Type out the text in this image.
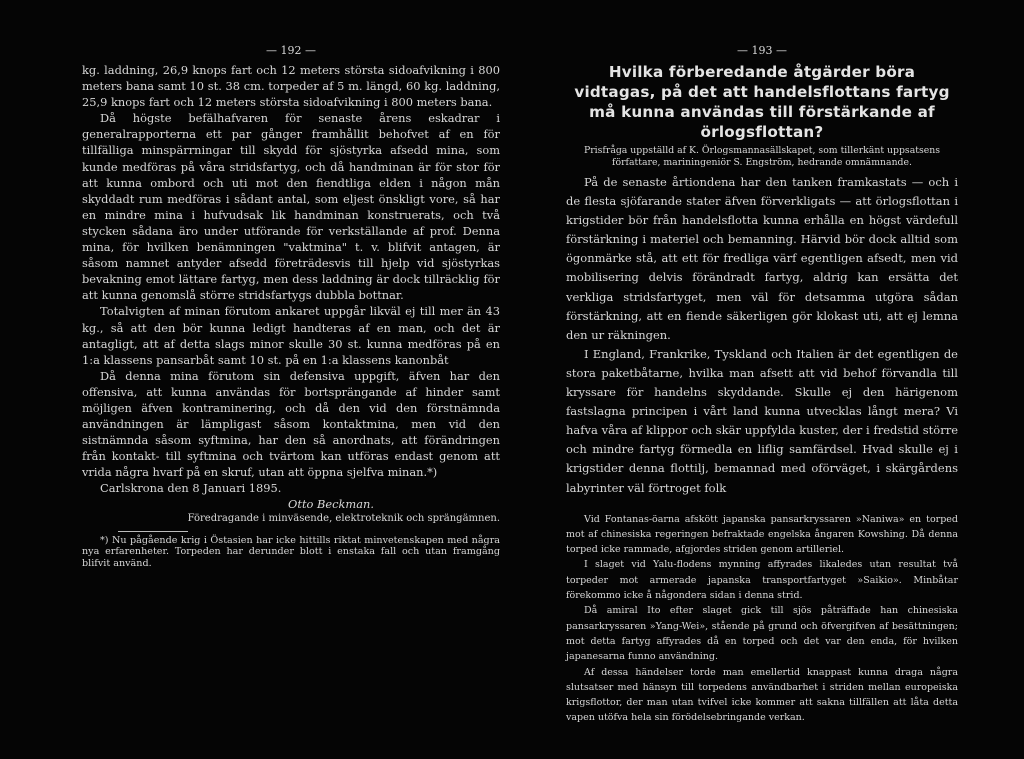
— 192 —

kg. laddning, 26,9 knops fart och 12 meters största sidoafvikning i 800 meters bana samt 10 st. 38 cm. torpeder af 5 m. längd, 60 kg. laddning, 25,9 knops fart och 12 meters största sidoafvikning i 800 meters bana.

Då högste befälhafvaren för senaste årens eskadrar i generalrapporterna ett par gånger framhållit behofvet af en för tillfälliga minspärrningar till skydd för sjöstyrka afsedd mina, som kunde medföras på våra stridsfartyg, och då handminan är för stor för att kunna ombord och uti mot den fiendtliga elden i någon mån skyddadt rum medföras i sådant antal, som eljest önskligt vore, så har en mindre mina i hufvudsak lik handminan konstruerats, och två stycken sådana äro under utförande för verkställande af prof. Denna mina, för hvilken benämningen "vaktmina" t. v. blifvit antagen, är såsom namnet antyder afsedd företrädesvis till hjelp vid sjöstyrkas bevakning emot lättare fartyg, men dess laddning är dock tillräcklig för att kunna genomslå större stridsfartygs dubbla bottnar.

Totalvigten af minan förutom ankaret uppgår likväl ej till mer än 43 kg., så att den bör kunna ledigt handteras af en man, och det är antagligt, att af detta slags minor skulle 30 st. kunna medföras på en 1:a klassens pansarbåt samt 10 st. på en 1:a klassens kanonbåt

Då denna mina förutom sin defensiva uppgift, äfven har den offensiva, att kunna användas för bortsprängande af hinder samt möjligen äfven kontraminering, och då den vid den förstnämnda användningen är lämpligast såsom kontaktmina, men vid den sistnämnda såsom syftmina, har den så anordnats, att förändringen från kontakt- till syftmina och tvärtom kan utföras endast genom att vrida några hvarf på en skruf, utan att öppna sjelfva minan.*)

Carlskrona den 8 Januari 1895.

Otto Beckman.
Föredragande i minväsende, elektroteknik och sprängämnen.

*) Nu pågående krig i Östasien har icke hittills riktat minvetenskapen med några nya erfarenheter. Torpeden har derunder blott i enstaka fall och utan framgång blifvit använd.

— 193 —
Hvilka förberedande åtgärder böra vidtagas, på det att handelsflottans fartyg må kunna användas till förstärkande af örlogsflottan?
Prisfråga uppställd af K. Örlogsmannasällskapet, som tillerkänt uppsatsens författare, mariningeniör S. Engström, hedrande omnämnande.

På de senaste årtiondena har den tanken framkastats — och i de flesta sjöfarande stater äfven förverkligats — att örlogsflottan i krigstider bör från handelsflotta kunna erhålla en högst värdefull förstärkning i materiel och bemanning. Härvid bör dock alltid som ögonmärke stå, att ett för fredliga värf egentligen afsedt, men vid mobilisering delvis förändradt fartyg, aldrig kan ersätta det verkliga stridsfartyget, men väl för detsamma utgöra sådan förstärkning, att en fiende säkerligen gör klokast uti, att ej lemna den ur räkningen.

I England, Frankrike, Tyskland och Italien är det egentligen de stora paketbåtarne, hvilka man afsett att vid behof förvandla till kryssare för handelns skyddande. Skulle ej den härigenom fastslagna principen i vårt land kunna utvecklas långt mera? Vi hafva våra af klippor och skär uppfylda kuster, der i fredstid större och mindre fartyg förmedla en liflig samfärdsel. Hvad skulle ej i krigstider denna flottilj, bemannad med oförväget, i skärgårdens labyrinter väl förtroget folk

Vid Fontanas-öarna afskött japanska pansarkryssaren »Naniwa» en torped mot af chinesiska regeringen befraktade engelska ångaren Kowshing. Då denna torped icke rammade, afgjordes striden genom artilleriel.

I slaget vid Yalu-flodens mynning affyrades likaledes utan resultat två torpeder mot armerade japanska transportfartyget »Saikio». Minbåtar förekommo icke å någondera sidan i denna strid.

Då amiral Ito efter slaget gick till sjös påträffade han chinesiska pansarkryssaren »Yang-Wei», stående på grund och öfvergifven af besättningen; mot detta fartyg affyrades då en torped och det var den enda, för hvilken japanesarna funno användning.

Af dessa händelser torde man emellertid knappast kunna draga några slutsatser med hänsyn till torpedens användbarhet i striden mellan europeiska krigsflottor, der man utan tvifvel icke kommer att sakna tillfällen att låta detta vapen utöfva hela sin förödelsebringande verkan.
